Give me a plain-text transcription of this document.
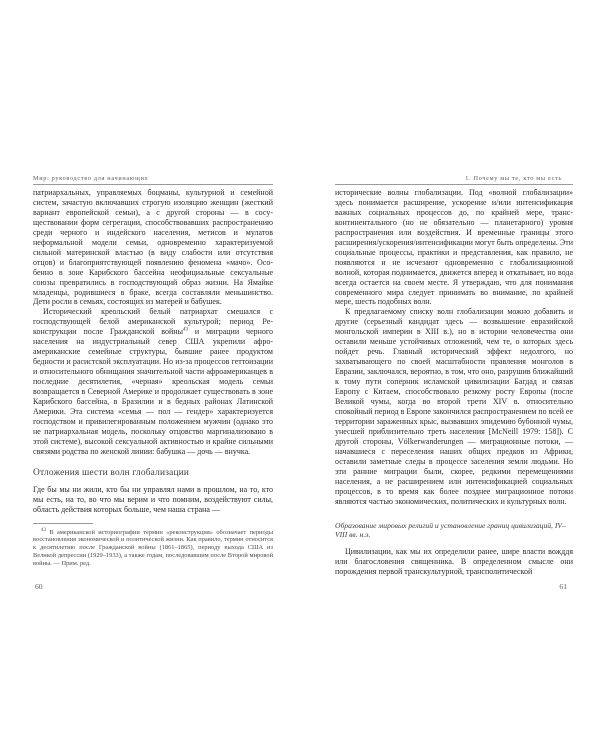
Мир: руководство для начинающих

патриархальных, управляемых боцманы, культурной и семейной систем, зачастую включавших строгую изоляцию женщин (жесткий вариант европейской семьи), а с другой стороны — в сосуществовании форм сегрегации, способствовавших распространению среди черного и индейского населения, метисов и мулатов неформальной модели семьи, одновременно характеризуемой сильной материнской властью (в виду слабости или отсутствия отцов) и благоприятствующей появлению феномена «мачо». Особенно в зоне Карибского бассейна неофициальные сексуальные союзы превратились в господствующий образ жизни. На Ямайке младенцы, родившиеся в браке, всегда составляли меньшинство. Дети росли в семьях, состоящих из матерей и бабушек.

Исторический креольский белый патриархат смешался с господствующей белой американской культурой; период Реконструкции после Гражданской войны$^{43}$ и миграции черного населения на индустриальный север США укрепили афроамериканские семейные структуры, бывшие ранее продуктом бедности и расистской эксплуатации. Но из-за процессов геттоизации и относительного обнищания значительной части афроамериканцев в последние десятилетия, «черная» креольская модель семьи возвращается в Северной Америке и продолжает существовать в зоне Карибского бассейна, в Бразилии и в бедных районах Латинской Америки. Эта система «семья — пол — гендер» характеризуется господством и привилегированным положением мужчин (однако это не патриархальная модель, поскольку отцовство маргинализовано в этой системе), высокой сексуальной активностью и крайне сильными связями родства по женской линии: бабушка — дочь — внучка.

Отложения шести волн глобализации

Где бы мы ни жили, кто бы ни управлял нами в прошлом, на то, кто мы есть, на то, во что мы верим и что помним, воздействуют силы, область действия которых больше, чем наша страна —

$^{43}$ В американской историографии термин «реконструкция» обозначает периоды восстановления экономической и политической жизни. Как правило, термин относится к десятилетию после Гражданской войны (1861–1865), периоду выхода США из Великой депрессии (1929–1933), а также годам, последовавшим после Второй мировой войны. — Прим. ред.
60
1. Почему мы те, кто мы есть

исторические волны глобализации. Под «волной глобализации» здесь понимается расширение, ускорение и/или интенсификация важных социальных процессов до, по крайней мере, трансконтинентального (но не обязательно — планетарного) уровня распространения или воздействия. И временные границы этого расширения/ускорения/интенсификации могут быть определены. Эти социальные процессы, практики и представления, как правило, не появляются и не исчезают одновременно с глобализационной волной, которая поднимается, движется вперед и откатывает, но вода всегда остается на своем месте. Я утверждаю, что для понимания современного мира следует принимать во внимание, по крайней мере, шесть подобных волн.

К предлагаемому списку волн глобализации можно добавить и другие (серьезный кандидат здесь — возвышение евразийской монгольской империи в XIII в.), но в истории человечества они оставили меньше устойчивых отложений, чем те, о которых здесь пойдет речь. Главный исторический эффект недолгого, но захватывающего по своей масштабности правления монголов в Евразии, заключался, вероятно, в том, что оно, разрушив ближайший к тому пути соперник исламской цивилизации Багдад и связав Европу с Китаем, способствовало резкому росту Европы (после Великой чумы, когда во второй трети XIV в. относительно спокойный период в Европе закончился распространением по всей ее территории зараженных крыс, вызвавших эпидемию бубонной чумы, унесшей приблизительно треть населения [McNeill 1979: 158]). С другой стороны, Völkerwanderungen — миграционные потоки, — начавшиеся с переселения наших общих предков из Африки, оставили заметные следы в процессе заселения земли людьми. Но эти ранние миграции были, скорее, редкими перемещениями населения, а не расширением или интенсификацией социальных процессов, в то время как более позднее миграционное потоки являются частью экономических, политических и культурных волн.

Образование мировых религий и установление границ цивилизаций, IV–VIII вв. н.э.

Цивилизации, как мы их определили ранее, шире власти вожддя или благословения священника. В определенном смысле они порождения первой транскультурной, трансполитической

61
